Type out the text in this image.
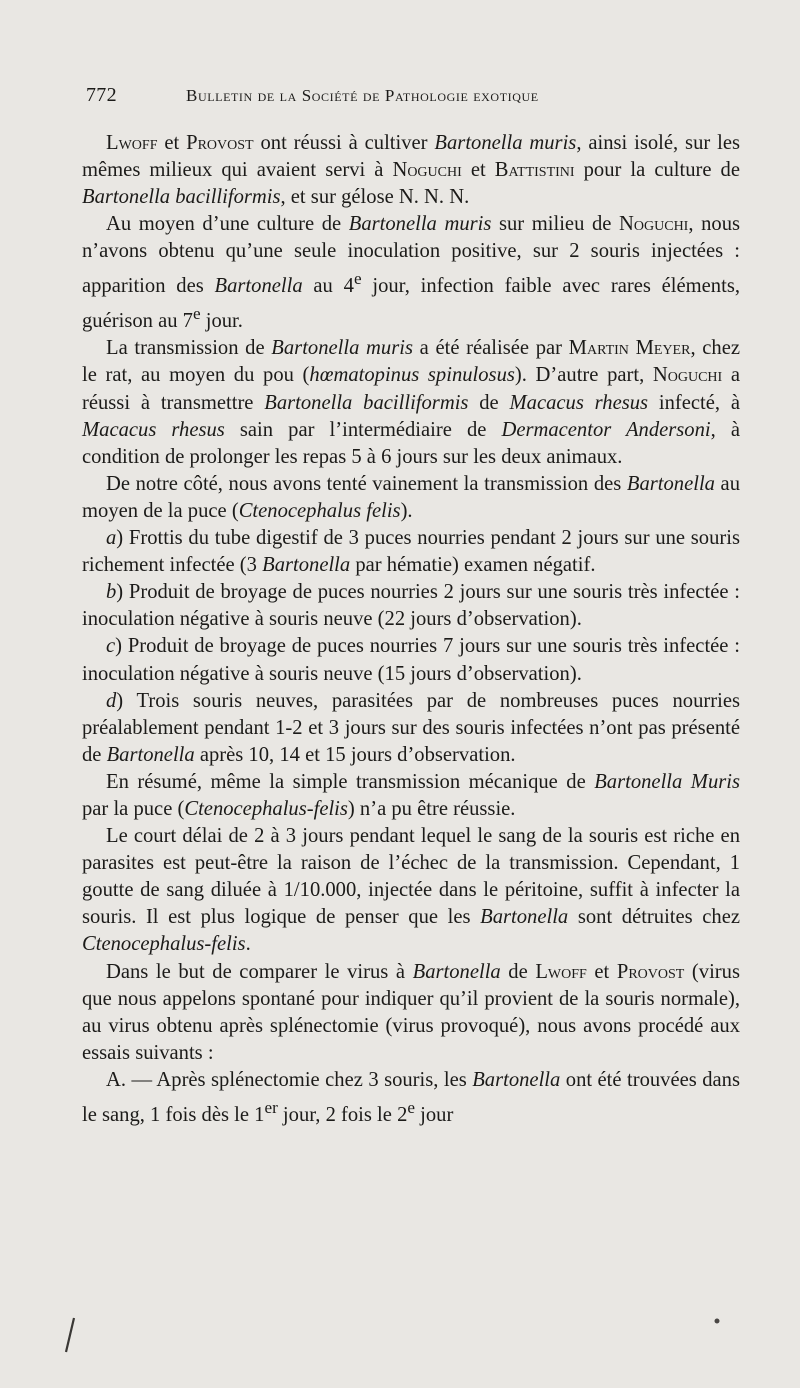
772	Bulletin de la Société de Pathologie exotique

Lwoff et Provost ont réussi à cultiver Bartonella muris, ainsi isolé, sur les mêmes milieux qui avaient servi à Noguchi et Battistini pour la culture de Bartonella bacilliformis, et sur gélose N. N. N.

Au moyen d’une culture de Bartonella muris sur milieu de Noguchi, nous n’avons obtenu qu’une seule inoculation positive, sur 2 souris injectées : apparition des Bartonella au 4e jour, infection faible avec rares éléments, guérison au 7e jour.

La transmission de Bartonella muris a été réalisée par Martin Meyer, chez le rat, au moyen du pou (hœmatopinus spinulosus). D’autre part, Noguchi a réussi à transmettre Bartonella bacilliformis de Macacus rhesus infecté, à Macacus rhesus sain par l’intermédiaire de Dermacentor Andersoni, à condition de prolonger les repas 5 à 6 jours sur les deux animaux.

De notre côté, nous avons tenté vainement la transmission des Bartonella au moyen de la puce (Ctenocephalus felis).

a) Frottis du tube digestif de 3 puces nourries pendant 2 jours sur une souris richement infectée (3 Bartonella par hématie) examen négatif.

b) Produit de broyage de puces nourries 2 jours sur une souris très infectée : inoculation négative à souris neuve (22 jours d’observation).

c) Produit de broyage de puces nourries 7 jours sur une souris très infectée : inoculation négative à souris neuve (15 jours d’observation).

d) Trois souris neuves, parasitées par de nombreuses puces nourries préalablement pendant 1-2 et 3 jours sur des souris infectées n’ont pas présenté de Bartonella après 10, 14 et 15 jours d’observation.

En résumé, même la simple transmission mécanique de Bartonella Muris par la puce (Ctenocephalus-felis) n’a pu être réussie.

Le court délai de 2 à 3 jours pendant lequel le sang de la souris est riche en parasites est peut-être la raison de l’échec de la transmission. Cependant, 1 goutte de sang diluée à 1/10.000, injectée dans le péritoine, suffit à infecter la souris. Il est plus logique de penser que les Bartonella sont détruites chez Ctenocephalus-felis.

Dans le but de comparer le virus à Bartonella de Lwoff et Provost (virus que nous appelons spontané pour indiquer qu’il provient de la souris normale), au virus obtenu après splénectomie (virus provoqué), nous avons procédé aux essais suivants :

A. — Après splénectomie chez 3 souris, les Bartonella ont été trouvées dans le sang, 1 fois dès le 1er jour, 2 fois le 2e jour
